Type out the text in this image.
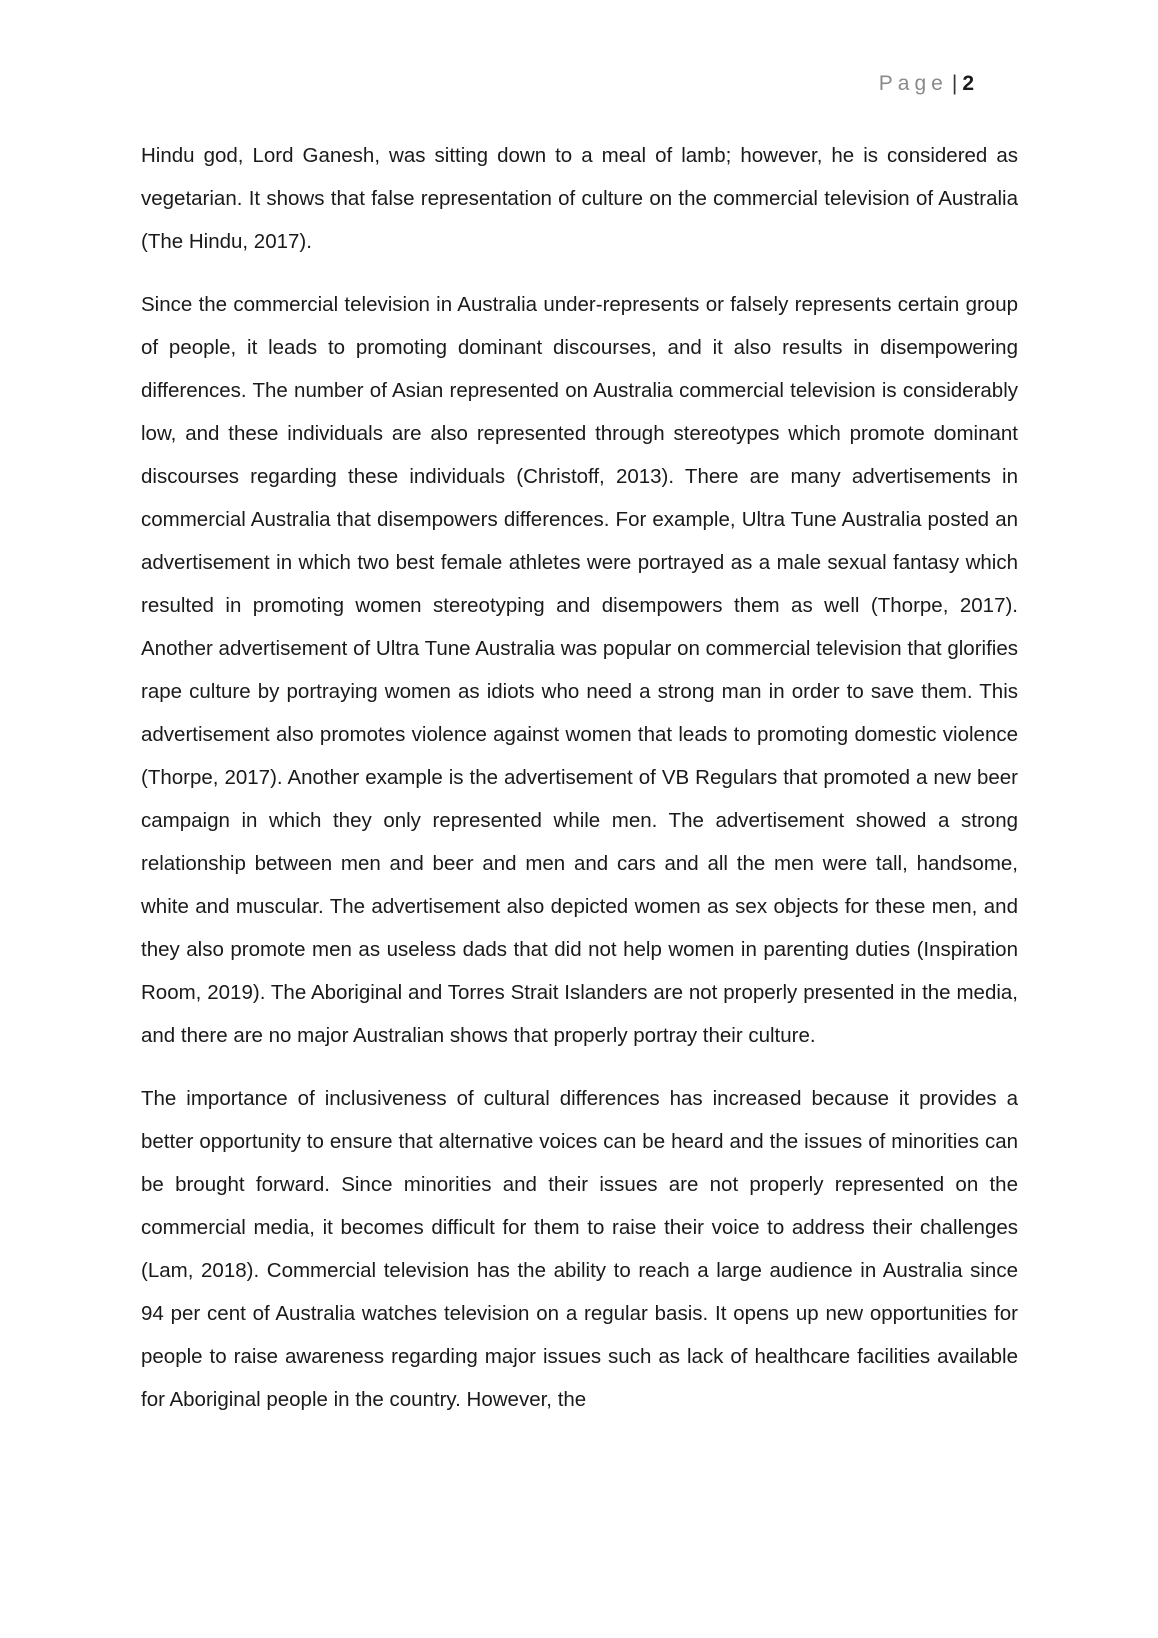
Page | 2

Hindu god, Lord Ganesh, was sitting down to a meal of lamb; however, he is considered as vegetarian. It shows that false representation of culture on the commercial television of Australia (The Hindu, 2017).

Since the commercial television in Australia under-represents or falsely represents certain group of people, it leads to promoting dominant discourses, and it also results in disempowering differences. The number of Asian represented on Australia commercial television is considerably low, and these individuals are also represented through stereotypes which promote dominant discourses regarding these individuals (Christoff, 2013). There are many advertisements in commercial Australia that disempowers differences. For example, Ultra Tune Australia posted an advertisement in which two best female athletes were portrayed as a male sexual fantasy which resulted in promoting women stereotyping and disempowers them as well (Thorpe, 2017). Another advertisement of Ultra Tune Australia was popular on commercial television that glorifies rape culture by portraying women as idiots who need a strong man in order to save them. This advertisement also promotes violence against women that leads to promoting domestic violence (Thorpe, 2017). Another example is the advertisement of VB Regulars that promoted a new beer campaign in which they only represented while men. The advertisement showed a strong relationship between men and beer and men and cars and all the men were tall, handsome, white and muscular. The advertisement also depicted women as sex objects for these men, and they also promote men as useless dads that did not help women in parenting duties (Inspiration Room, 2019). The Aboriginal and Torres Strait Islanders are not properly presented in the media, and there are no major Australian shows that properly portray their culture.

The importance of inclusiveness of cultural differences has increased because it provides a better opportunity to ensure that alternative voices can be heard and the issues of minorities can be brought forward. Since minorities and their issues are not properly represented on the commercial media, it becomes difficult for them to raise their voice to address their challenges (Lam, 2018). Commercial television has the ability to reach a large audience in Australia since 94 per cent of Australia watches television on a regular basis. It opens up new opportunities for people to raise awareness regarding major issues such as lack of healthcare facilities available for Aboriginal people in the country. However, the
